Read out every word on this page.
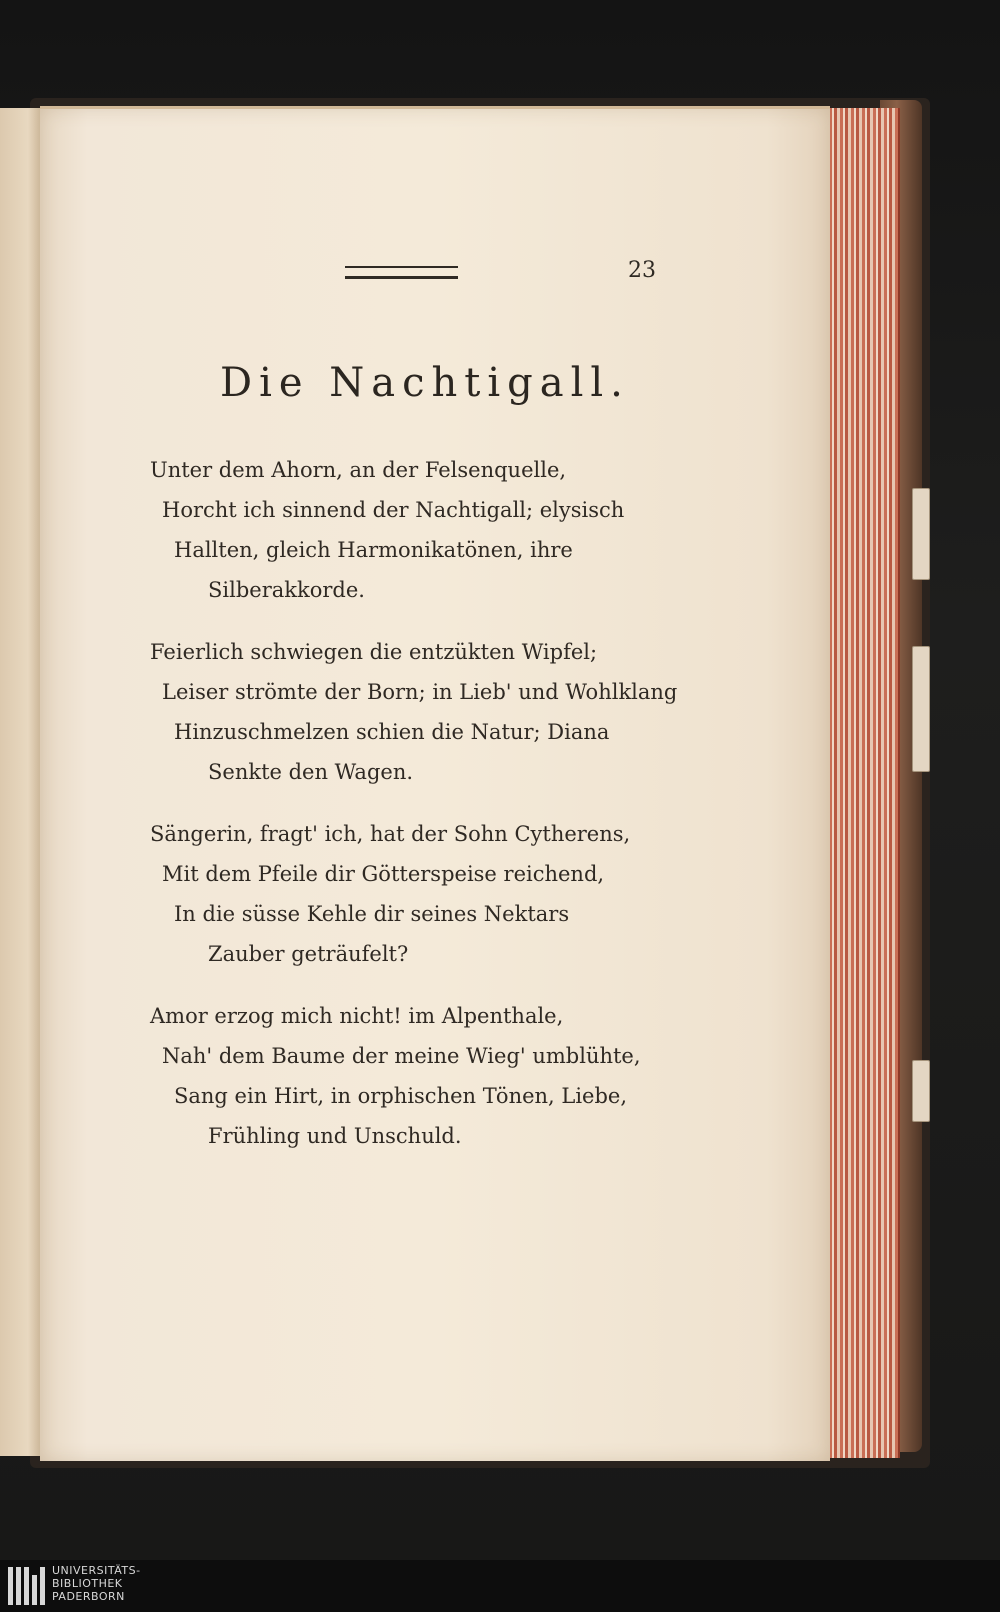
23

Die Nachtigall.
Unter dem Ahorn, an der Felsenquelle,
Horcht ich sinnend der Nachtigall; elysisch
Hallten, gleich Harmonikatönen, ihre
Silberakkorde.
Feierlich schwiegen die entzükten Wipfel;
Leiser strömte der Born; in Lieb' und Wohlklang
Hinzuschmelzen schien die Natur; Diana
Senkte den Wagen.
Sängerin, fragt' ich, hat der Sohn Cytherens,
Mit dem Pfeile dir Götterspeise reichend,
In die süsse Kehle dir seines Nektars
Zauber geträufelt?
Amor erzog mich nicht! im Alpenthale,
Nah' dem Baume der meine Wieg' umblühte,
Sang ein Hirt, in orphischen Tönen, Liebe,
Frühling und Unschuld.

UNIVERSITÄTS-
BIBLIOTHEK
PADERBORN
